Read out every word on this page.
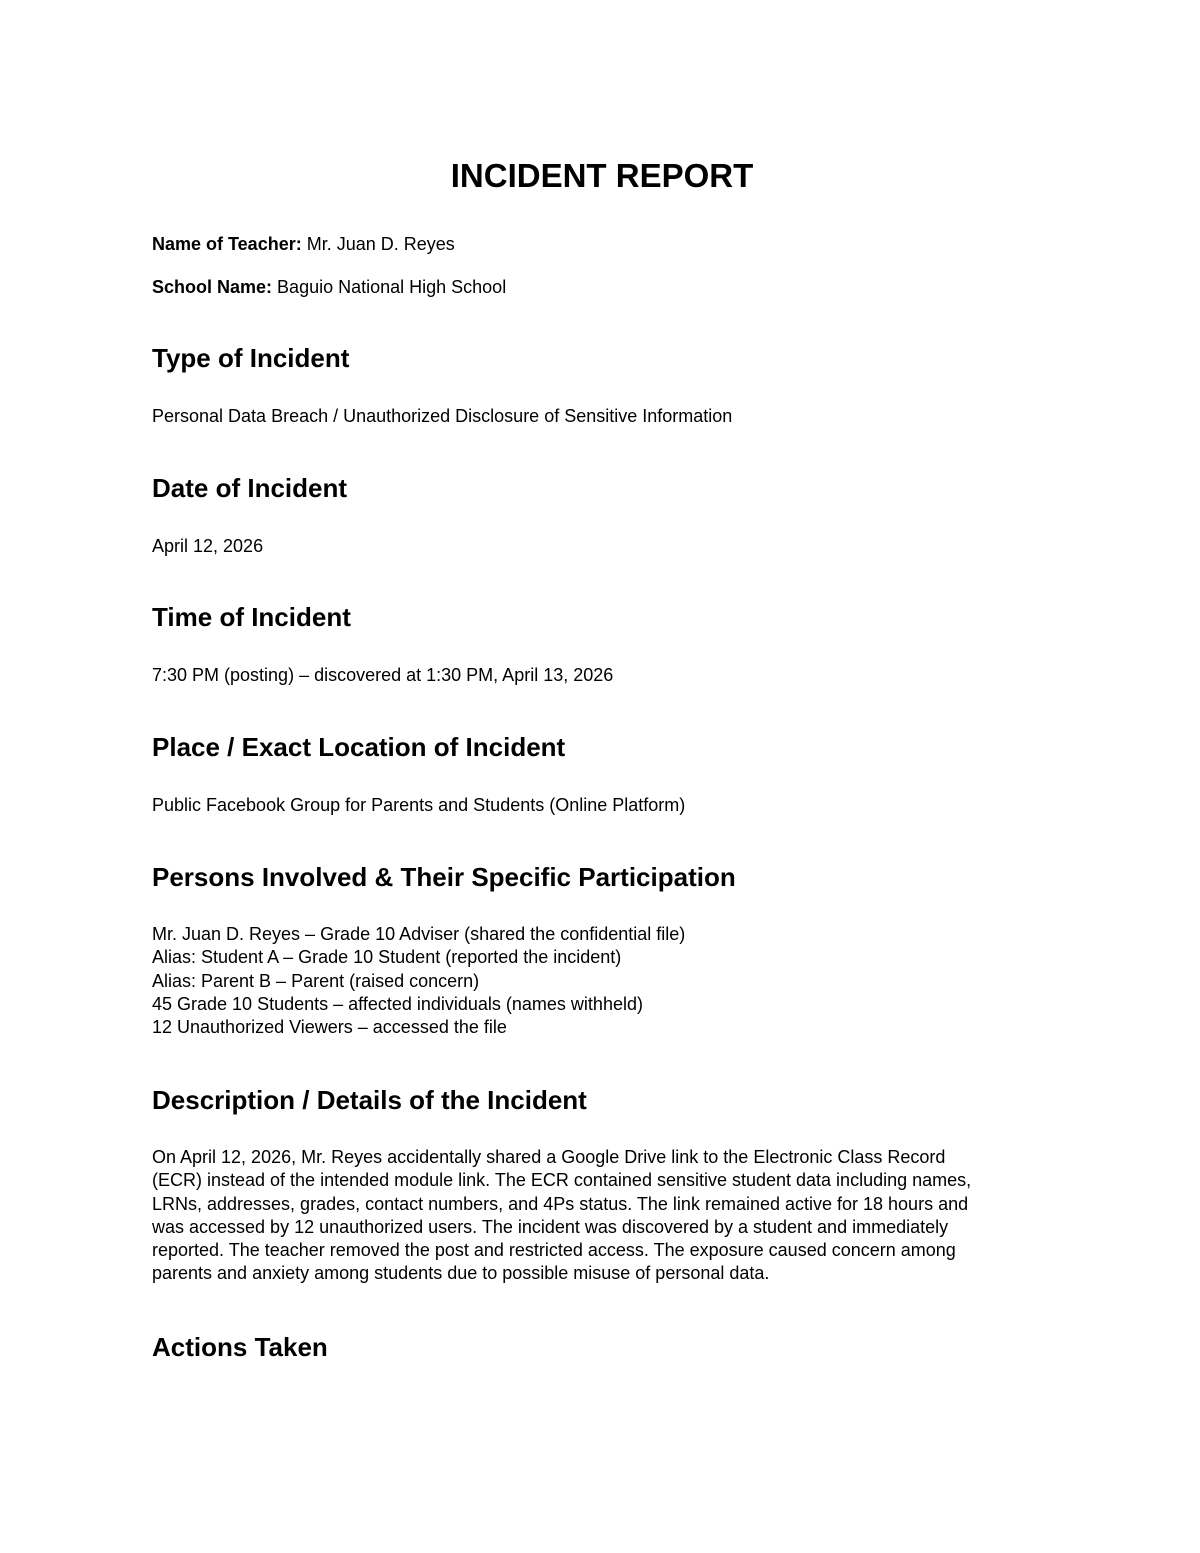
INCIDENT REPORT

Name of Teacher: Mr. Juan D. Reyes

School Name: Baguio National High School

Type of Incident

Personal Data Breach / Unauthorized Disclosure of Sensitive Information

Date of Incident

April 12, 2026

Time of Incident

7:30 PM (posting) – discovered at 1:30 PM, April 13, 2026

Place / Exact Location of Incident

Public Facebook Group for Parents and Students (Online Platform)

Persons Involved & Their Specific Participation
Mr. Juan D. Reyes – Grade 10 Adviser (shared the confidential file)
Alias: Student A – Grade 10 Student (reported the incident)
Alias: Parent B – Parent (raised concern)
45 Grade 10 Students – affected individuals (names withheld)
12 Unauthorized Viewers – accessed the file
Description / Details of the Incident
On April 12, 2026, Mr. Reyes accidentally shared a Google Drive link to the Electronic Class Record
(ECR) instead of the intended module link. The ECR contained sensitive student data including names,
LRNs, addresses, grades, contact numbers, and 4Ps status. The link remained active for 18 hours and
was accessed by 12 unauthorized users. The incident was discovered by a student and immediately
reported. The teacher removed the post and restricted access. The exposure caused concern among
parents and anxiety among students due to possible misuse of personal data.
Actions Taken
